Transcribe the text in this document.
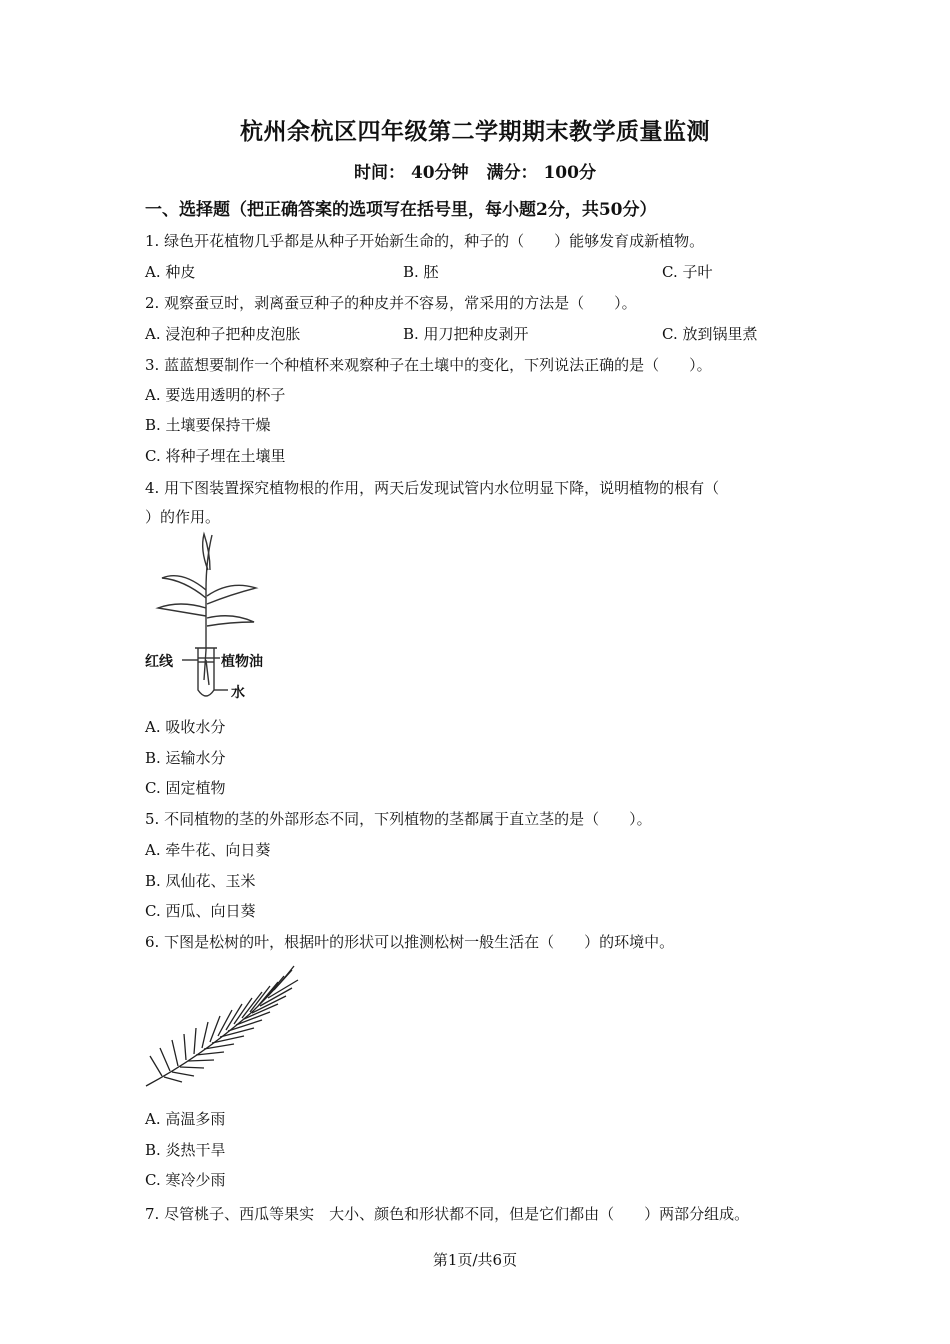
杭州余杭区四年级第二学期期末教学质量监测
时间： 40分钟 满分： 100分
一、选择题（把正确答案的选项写在括号里，每小题2分，共50分）
1. 绿色开花植物几乎都是从种子开始新生命的，种子的（　　）能够发育成新植物。
A. 种皮	B. 胚	C. 子叶
2. 观察蚕豆时，剥离蚕豆种子的种皮并不容易，常采用的方法是（　　）。
A. 浸泡种子把种皮泡胀	B. 用刀把种皮剥开	C. 放到锅里煮
3. 蓝蓝想要制作一个种植杯来观察种子在土壤中的变化，下列说法正确的是（　　）。
A. 要选用透明的杯子
B. 土壤要保持干燥
C. 将种子埋在土壤里
4. 用下图装置探究植物根的作用，两天后发现试管内水位明显下降，说明植物的根有（
）的作用。
红线	植物油
水
A. 吸收水分
B. 运输水分
C. 固定植物
5. 不同植物的茎的外部形态不同，下列植物的茎都属于直立茎的是（　　）。
A. 牵牛花、向日葵
B. 凤仙花、玉米
C. 西瓜、向日葵
6. 下图是松树的叶，根据叶的形状可以推测松树一般生活在（　　）的环境中。
A. 高温多雨
B. 炎热干旱
C. 寒冷少雨
7. 尽管桃子、西瓜等果实　大小、颜色和形状都不同，但是它们都由（　　）两部分组成。
第1页/共6页
